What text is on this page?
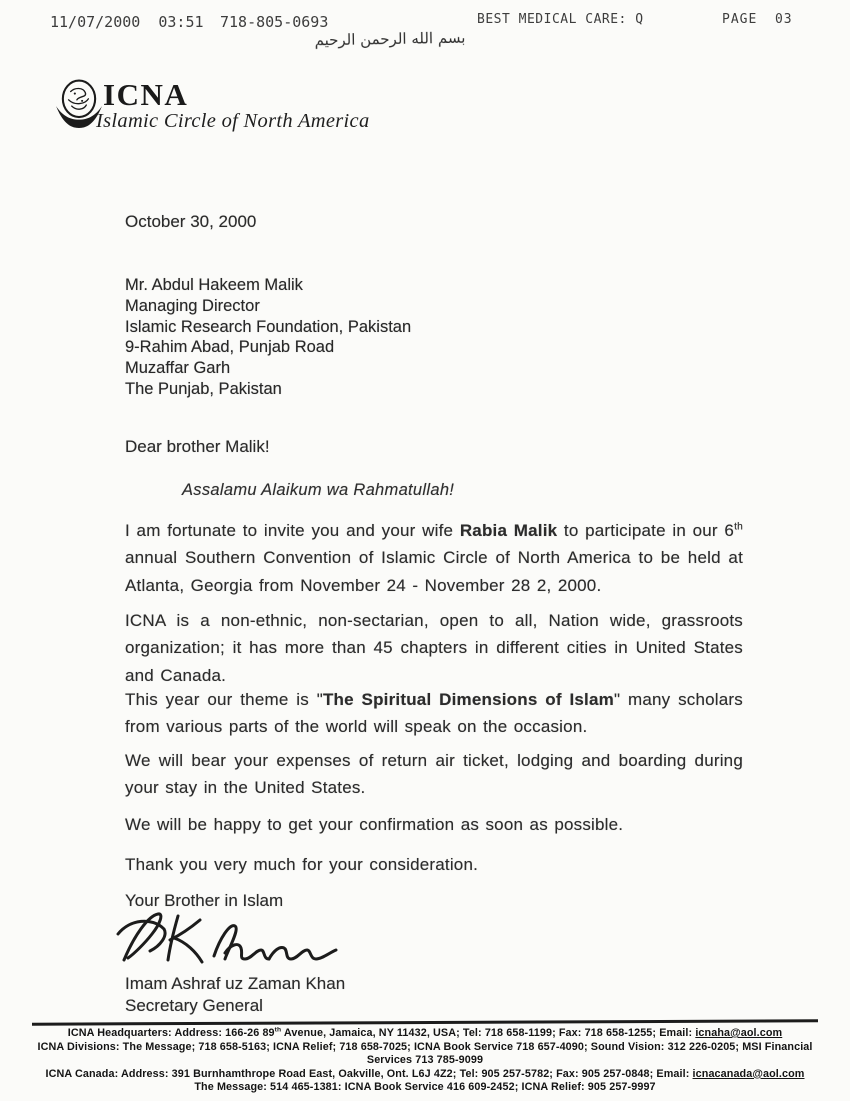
11/07/2000  03:51 718-805-0693	BEST MEDICAL CARE: Q	PAGE  03
بسم الله الرحمن الرحيم
ICNA
Islamic Circle of North America
October 30, 2000
Mr. Abdul Hakeem Malik
Managing Director
Islamic Research Foundation, Pakistan
9-Rahim Abad, Punjab Road
Muzaffar Garh
The Punjab, Pakistan
Dear brother Malik!
Assalamu Alaikum wa Rahmatullah!
I am fortunate to invite you and your wife Rabia Malik to participate in our 6th annual Southern Convention of Islamic Circle of North America to be held at Atlanta, Georgia from November 24 - November 28 2, 2000.
ICNA is a non-ethnic, non-sectarian, open to all, Nation wide, grassroots organization; it has more than 45 chapters in different cities in United States and Canada.
This year our theme is "The Spiritual Dimensions of Islam" many scholars from various parts of the world will speak on the occasion.
We will bear your expenses of return air ticket, lodging and boarding during your stay in the United States.
We will be happy to get your confirmation as soon as possible.
Thank you very much for your consideration.
Your Brother in Islam
Imam Ashraf uz Zaman Khan
Secretary General
ICNA Headquarters: Address: 166-26 89th Avenue, Jamaica, NY 11432, USA; Tel: 718 658-1199; Fax: 718 658-1255; Email: icnaha@aol.com
ICNA Divisions: The Message; 718 658-5163; ICNA Relief; 718 658-7025; ICNA Book Service 718 657-4090; Sound Vision: 312 226-0205; MSI Financial Services 713 785-9099
ICNA Canada: Address: 391 Burnhamthrope Road East, Oakville, Ont. L6J 4Z2; Tel: 905 257-5782; Fax: 905 257-0848; Email: icnacanada@aol.com
The Message: 514 465-1381: ICNA Book Service 416 609-2452; ICNA Relief: 905 257-9997
